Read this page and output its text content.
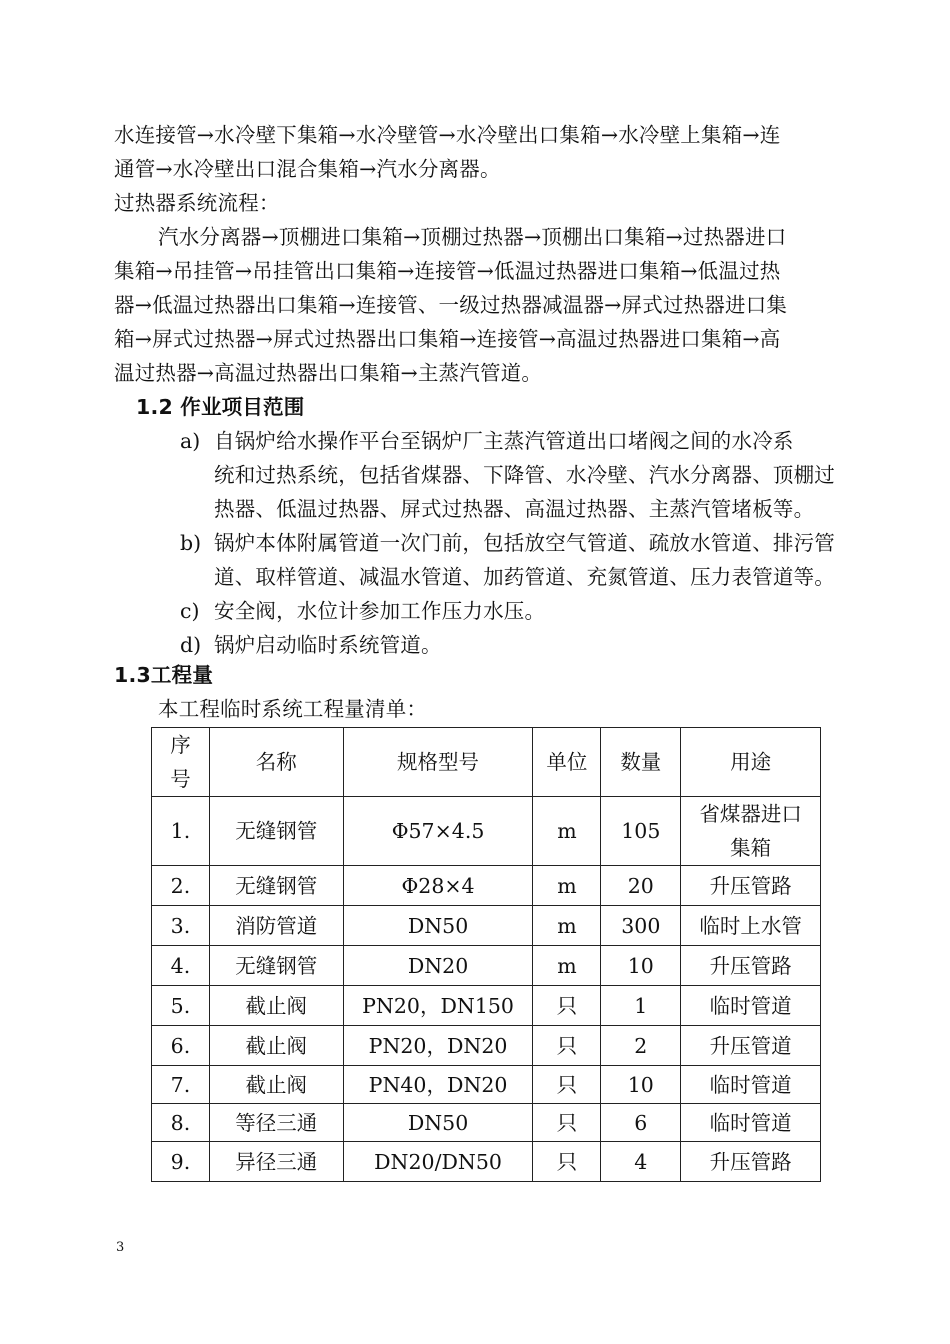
水连接管→水冷壁下集箱→水冷壁管→水冷壁出口集箱→水冷壁上集箱→连
通管→水冷壁出口混合集箱→汽水分离器。
过热器系统流程：
汽水分离器→顶棚进口集箱→顶棚过热器→顶棚出口集箱→过热器进口
集箱→吊挂管→吊挂管出口集箱→连接管→低温过热器进口集箱→低温过热
器→低温过热器出口集箱→连接管、一级过热器减温器→屏式过热器进口集
箱→屏式过热器→屏式过热器出口集箱→连接管→高温过热器进口集箱→高
温过热器→高温过热器出口集箱→主蒸汽管道。
1.2 作业项目范围
a) 自锅炉给水操作平台至锅炉厂主蒸汽管道出口堵阀之间的水冷系
统和过热系统，包括省煤器、下降管、水冷壁、汽水分离器、顶棚过
热器、低温过热器、屏式过热器、高温过热器、主蒸汽管堵板等。
b) 锅炉本体附属管道一次门前，包括放空气管道、疏放水管道、排污管
道、取样管道、减温水管道、加药管道、充氮管道、压力表管道等。
c) 安全阀，水位计参加工作压力水压。
d) 锅炉启动临时系统管道。
1.3工程量
本工程临时系统工程量清单：
序
号	名称	规格型号	单位	数量	用途
1.	无缝钢管	Φ57×4.5	m	105	省煤器进口
集箱
2.	无缝钢管	Φ28×4	m	20	升压管路
3.	消防管道	DN50	m	300	临时上水管
4.	无缝钢管	DN20	m	10	升压管路
5.	截止阀	PN20，DN150	只	1	临时管道
6.	截止阀	PN20，DN20	只	2	升压管道
7.	截止阀	PN40，DN20	只	10	临时管道
8.	等径三通	DN50	只	6	临时管道
9.	异径三通	DN20/DN50	只	4	升压管路
3
